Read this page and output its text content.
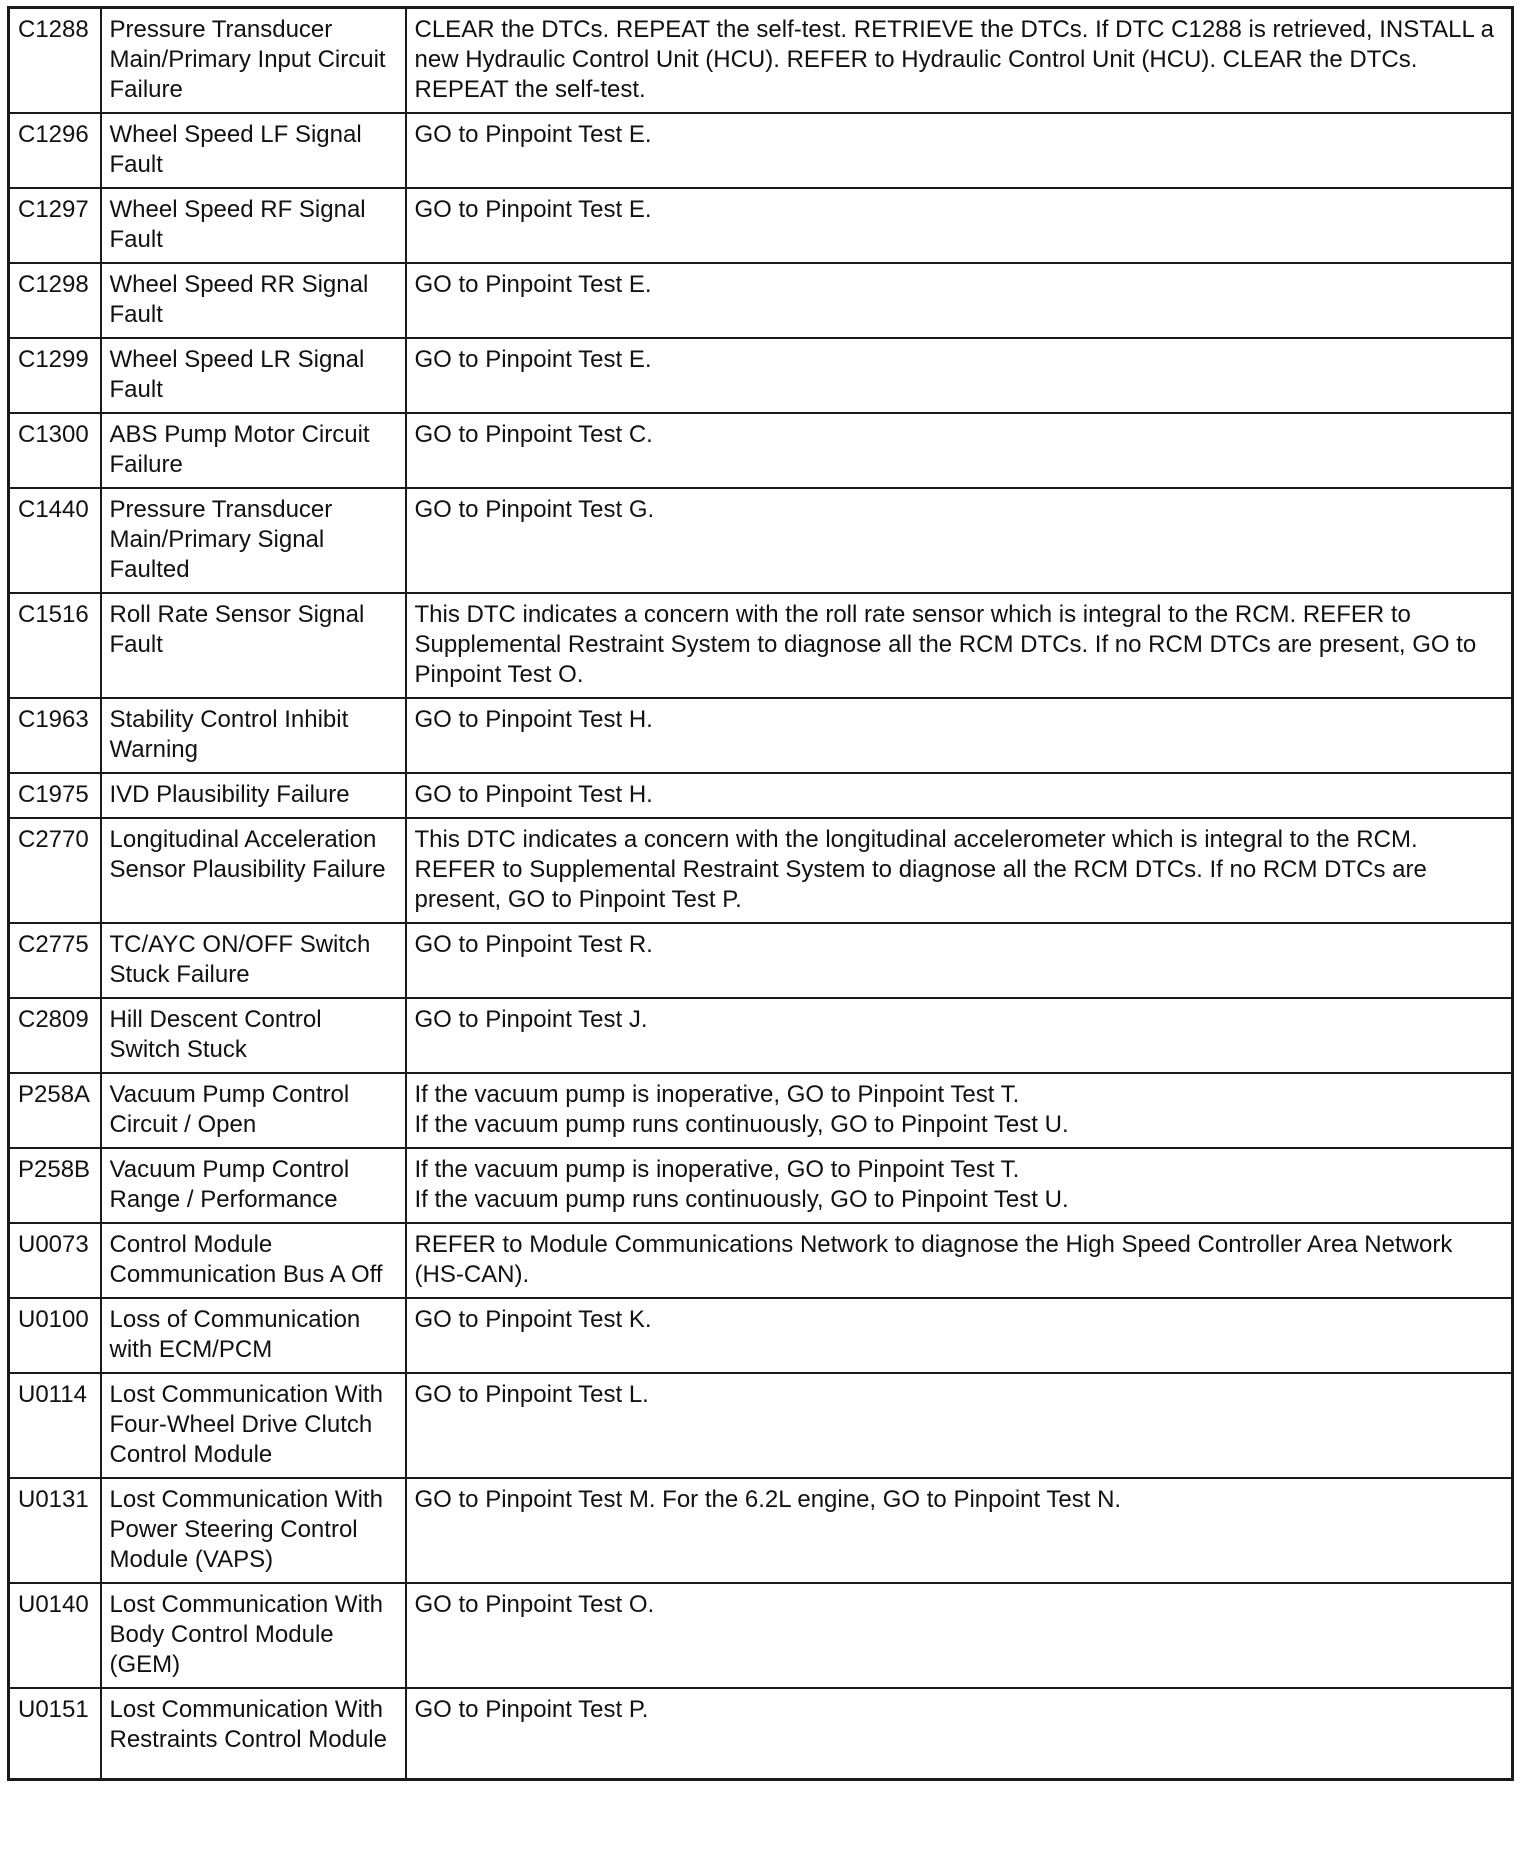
C1288	Pressure Transducer Main/Primary Input Circuit Failure	CLEAR the DTCs. REPEAT the self-test. RETRIEVE the DTCs. If DTC C1288 is retrieved, INSTALL a new Hydraulic Control Unit (HCU). REFER to Hydraulic Control Unit (HCU). CLEAR the DTCs. REPEAT the self-test.
C1296	Wheel Speed LF Signal Fault	GO to Pinpoint Test E.
C1297	Wheel Speed RF Signal Fault	GO to Pinpoint Test E.
C1298	Wheel Speed RR Signal Fault	GO to Pinpoint Test E.
C1299	Wheel Speed LR Signal Fault	GO to Pinpoint Test E.
C1300	ABS Pump Motor Circuit Failure	GO to Pinpoint Test C.
C1440	Pressure Transducer Main/Primary Signal Faulted	GO to Pinpoint Test G.
C1516	Roll Rate Sensor Signal Fault	This DTC indicates a concern with the roll rate sensor which is integral to the RCM. REFER to Supplemental Restraint System to diagnose all the RCM DTCs. If no RCM DTCs are present, GO to Pinpoint Test O.
C1963	Stability Control Inhibit Warning	GO to Pinpoint Test H.
C1975	IVD Plausibility Failure	GO to Pinpoint Test H.
C2770	Longitudinal Acceleration Sensor Plausibility Failure	This DTC indicates a concern with the longitudinal accelerometer which is integral to the RCM. REFER to Supplemental Restraint System to diagnose all the RCM DTCs. If no RCM DTCs are present, GO to Pinpoint Test P.
C2775	TC/AYC ON/OFF Switch Stuck Failure	GO to Pinpoint Test R.
C2809	Hill Descent Control Switch Stuck	GO to Pinpoint Test J.
P258A	Vacuum Pump Control Circuit / Open	If the vacuum pump is inoperative, GO to Pinpoint Test T.
If the vacuum pump runs continuously, GO to Pinpoint Test U.
P258B	Vacuum Pump Control Range / Performance	If the vacuum pump is inoperative, GO to Pinpoint Test T.
If the vacuum pump runs continuously, GO to Pinpoint Test U.
U0073	Control Module Communication Bus A Off	REFER to Module Communications Network to diagnose the High Speed Controller Area Network (HS-CAN).
U0100	Loss of Communication with ECM/PCM	GO to Pinpoint Test K.
U0114	Lost Communication With Four-Wheel Drive Clutch Control Module	GO to Pinpoint Test L.
U0131	Lost Communication With Power Steering Control Module (VAPS)	GO to Pinpoint Test M. For the 6.2L engine, GO to Pinpoint Test N.
U0140	Lost Communication With Body Control Module (GEM)	GO to Pinpoint Test O.
U0151	Lost Communication With Restraints Control Module	GO to Pinpoint Test P.
